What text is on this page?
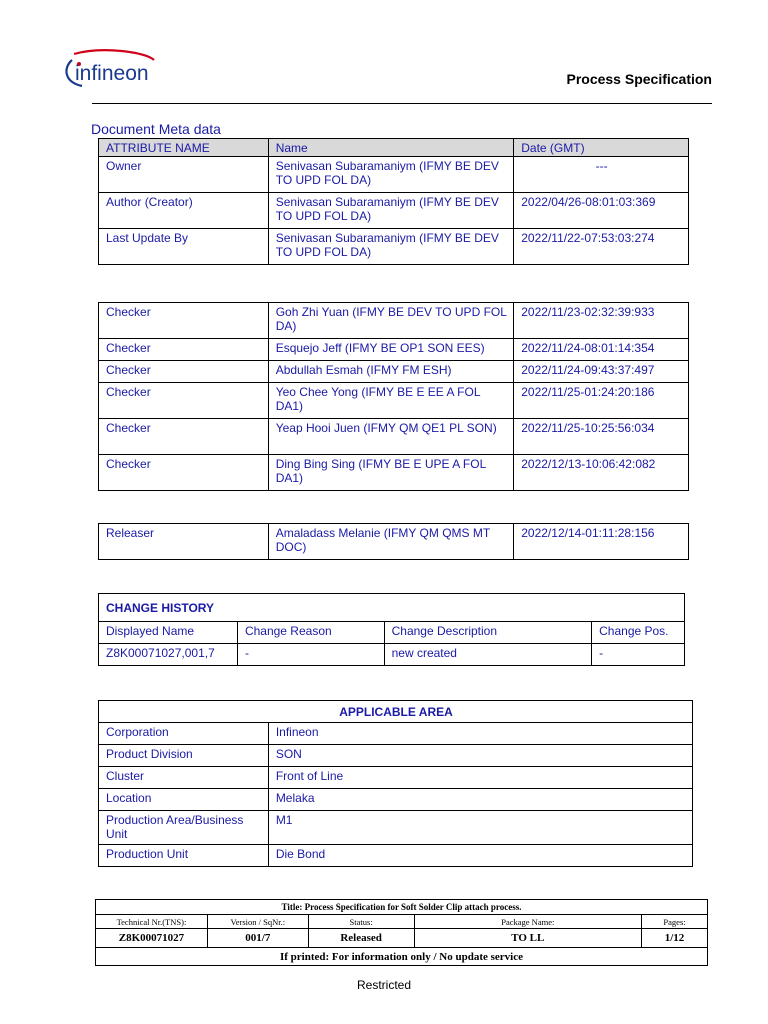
infineon	Process Specification
Document Meta data
ATTRIBUTE NAME	Name	Date (GMT)
Owner	Senivasan Subaramaniym (IFMY BE DEV TO UPD FOL DA)	---
Author (Creator)	Senivasan Subaramaniym (IFMY BE DEV TO UPD FOL DA)	2022/04/26-08:01:03:369
Last Update By	Senivasan Subaramaniym (IFMY BE DEV TO UPD FOL DA)	2022/11/22-07:53:03:274
Checker	Goh Zhi Yuan (IFMY BE DEV TO UPD FOL DA)	2022/11/23-02:32:39:933
Checker	Esquejo Jeff (IFMY BE OP1 SON EES)	2022/11/24-08:01:14:354
Checker	Abdullah Esmah (IFMY FM ESH)	2022/11/24-09:43:37:497
Checker	Yeo Chee Yong (IFMY BE E EE A FOL DA1)	2022/11/25-01:24:20:186
Checker	Yeap Hooi Juen (IFMY QM QE1 PL SON)	2022/11/25-10:25:56:034
Checker	Ding Bing Sing (IFMY BE E UPE A FOL DA1)	2022/12/13-10:06:42:082
Releaser	Amaladass Melanie (IFMY QM QMS MT DOC)	2022/12/14-01:11:28:156
CHANGE HISTORY			
Displayed Name	Change Reason	Change Description	Change Pos.
Z8K00071027,001,7	-	new created	-
APPLICABLE AREA	
Corporation	Infineon
Product Division	SON
Cluster	Front of Line
Location	Melaka
Production Area/Business Unit	M1
Production Unit	Die Bond
Title: Process Specification for Soft Solder Clip attach process.				
Technical Nr.(TNS):	Version / SqNr.:	Status:	Package Name:	Pages:
Z8K00071027	001/7	Released	TO LL	1/12
If printed: For information only / No update service				
Restricted
